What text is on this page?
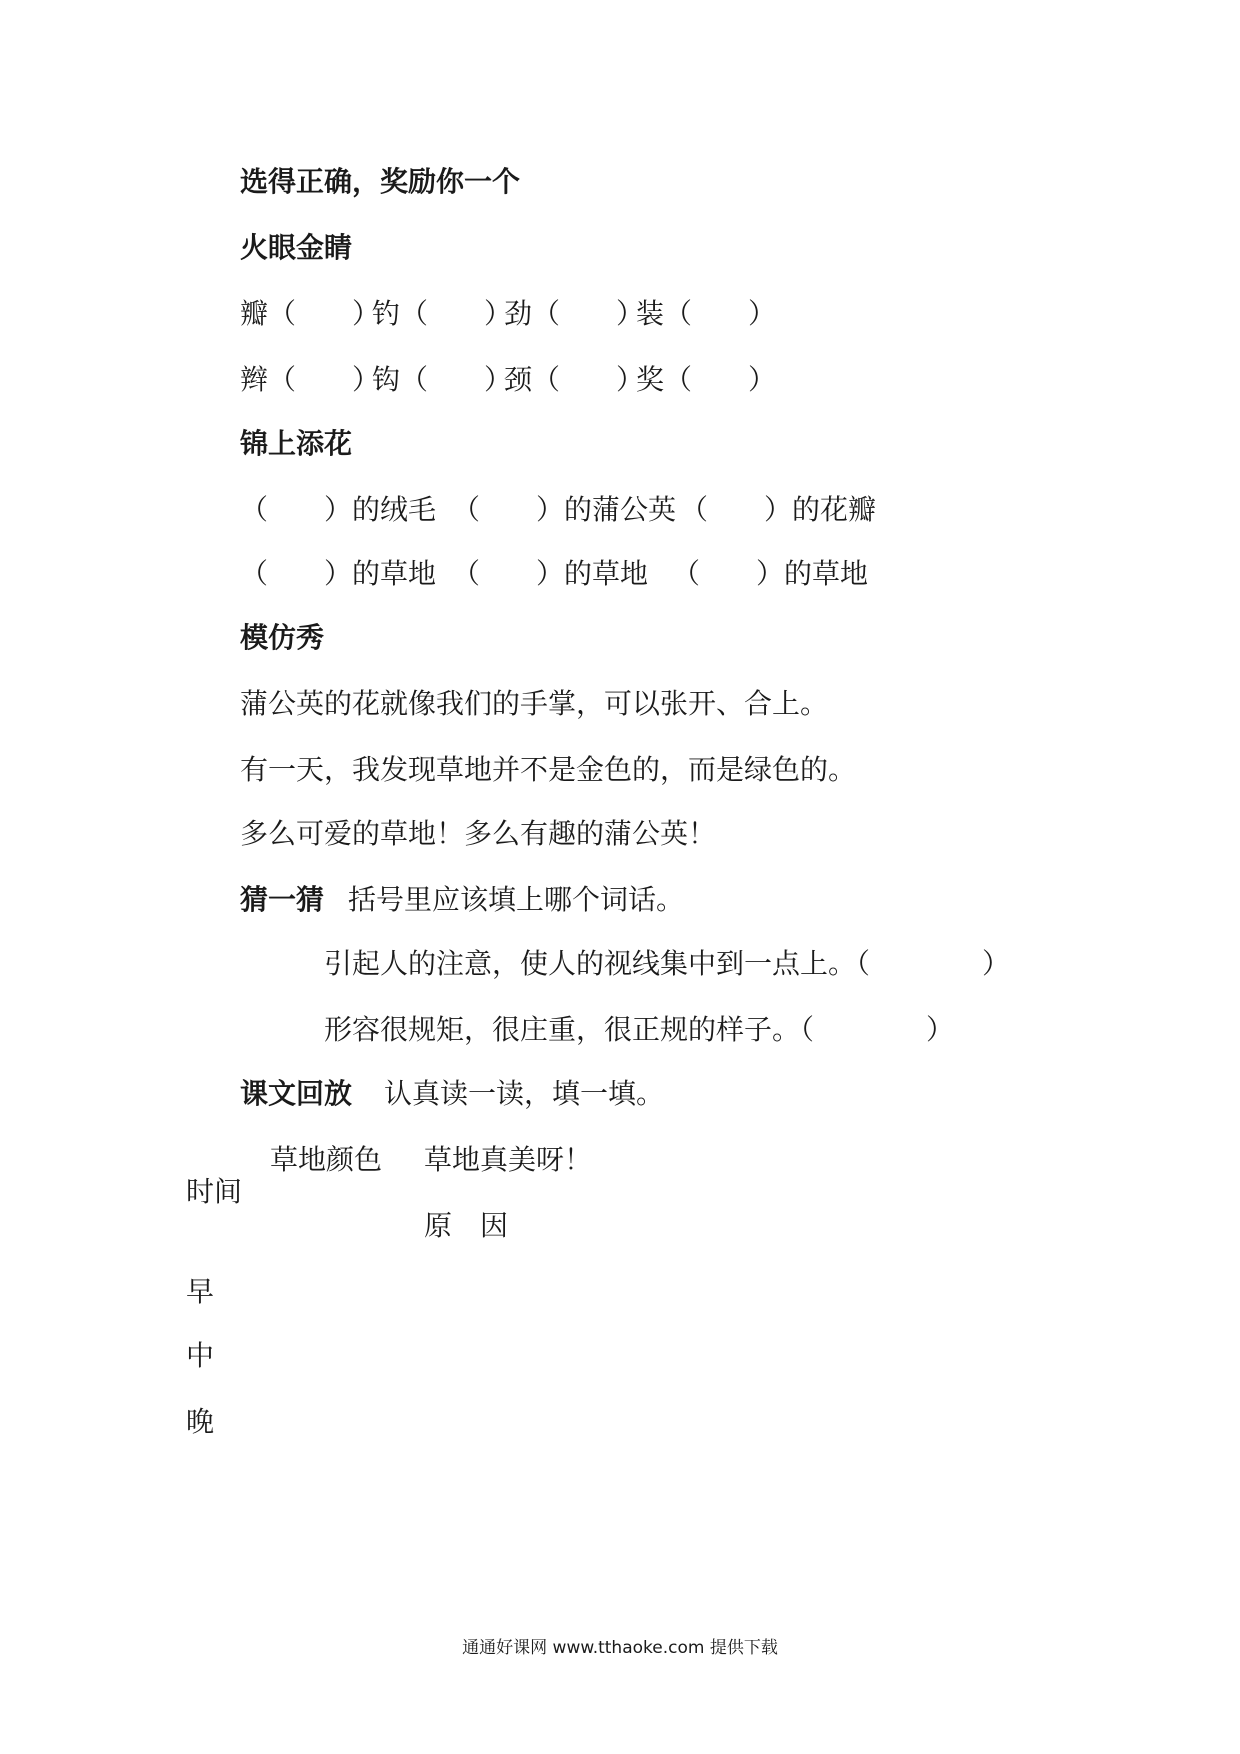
选得正确，奖励你一个
火眼金睛
瓣（　　）
钓（　　）
劲（　　）
装（　　）
辫（　　）
钩（　　）
颈（　　）
奖（　　）
锦上添花
（　　）的绒毛 （　　）的蒲公英 （　　）的花瓣
（　　）的草地 （　　）的草地 （　　）的草地
模仿秀
蒲公英的花就像我们的手掌，可以张开、合上。
有一天，我发现草地并不是金色的，而是绿色的。
多么可爱的草地！多么有趣的蒲公英！
猜一猜 括号里应该填上哪个词话。
引起人的注意，使人的视线集中到一点上。（　　　　）
形容很规矩，很庄重，很正规的样子。（　　　　）
课文回放 认真读一读，填一填。
草地颜色 草地真美呀！
时间
原　因
早
中
晚
通通好课网 www.tthaoke.com 提供下载
